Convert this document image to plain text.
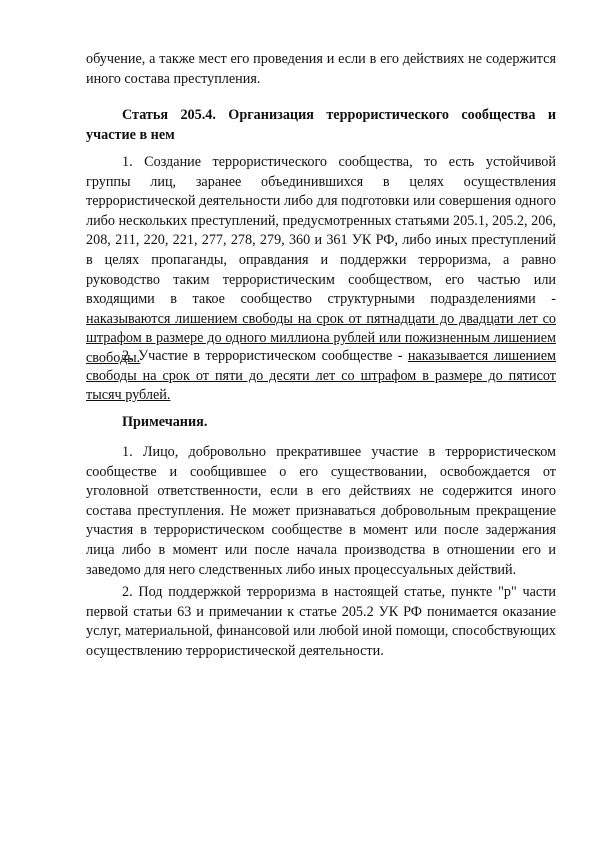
обучение, а также мест его проведения и если в его действиях не содержится иного состава преступления.

Статья 205.4. Организация террористического сообщества и участие в нем

1. Создание террористического сообщества, то есть устойчивой группы лиц, заранее объединившихся в целях осуществления террористической деятельности либо для подготовки или совершения одного либо нескольких преступлений, предусмотренных статьями 205.1, 205.2, 206, 208, 211, 220, 221, 277, 278, 279, 360 и 361 УК РФ, либо иных преступлений в целях пропаганды, оправдания и поддержки терроризма, а равно руководство таким террористическим сообществом, его частью или входящими в такое сообщество структурными подразделениями - наказываются лишением свободы на срок от пятнадцати до двадцати лет со штрафом в размере до одного миллиона рублей или пожизненным лишением свободы.

2. Участие в террористическом сообществе - наказывается лишением свободы на срок от пяти до десяти лет со штрафом в размере до пятисот тысяч рублей.

Примечания.

1. Лицо, добровольно прекратившее участие в террористическом сообществе и сообщившее о его существовании, освобождается от уголовной ответственности, если в его действиях не содержится иного состава преступления. Не может признаваться добровольным прекращение участия в террористическом сообществе в момент или после задержания лица либо в момент или после начала производства в отношении его и заведомо для него следственных либо иных процессуальных действий.

2. Под поддержкой терроризма в настоящей статье, пункте "р" части первой статьи 63 и примечании к статье 205.2 УК РФ понимается оказание услуг, материальной, финансовой или любой иной помощи, способствующих осуществлению террористической деятельности.
